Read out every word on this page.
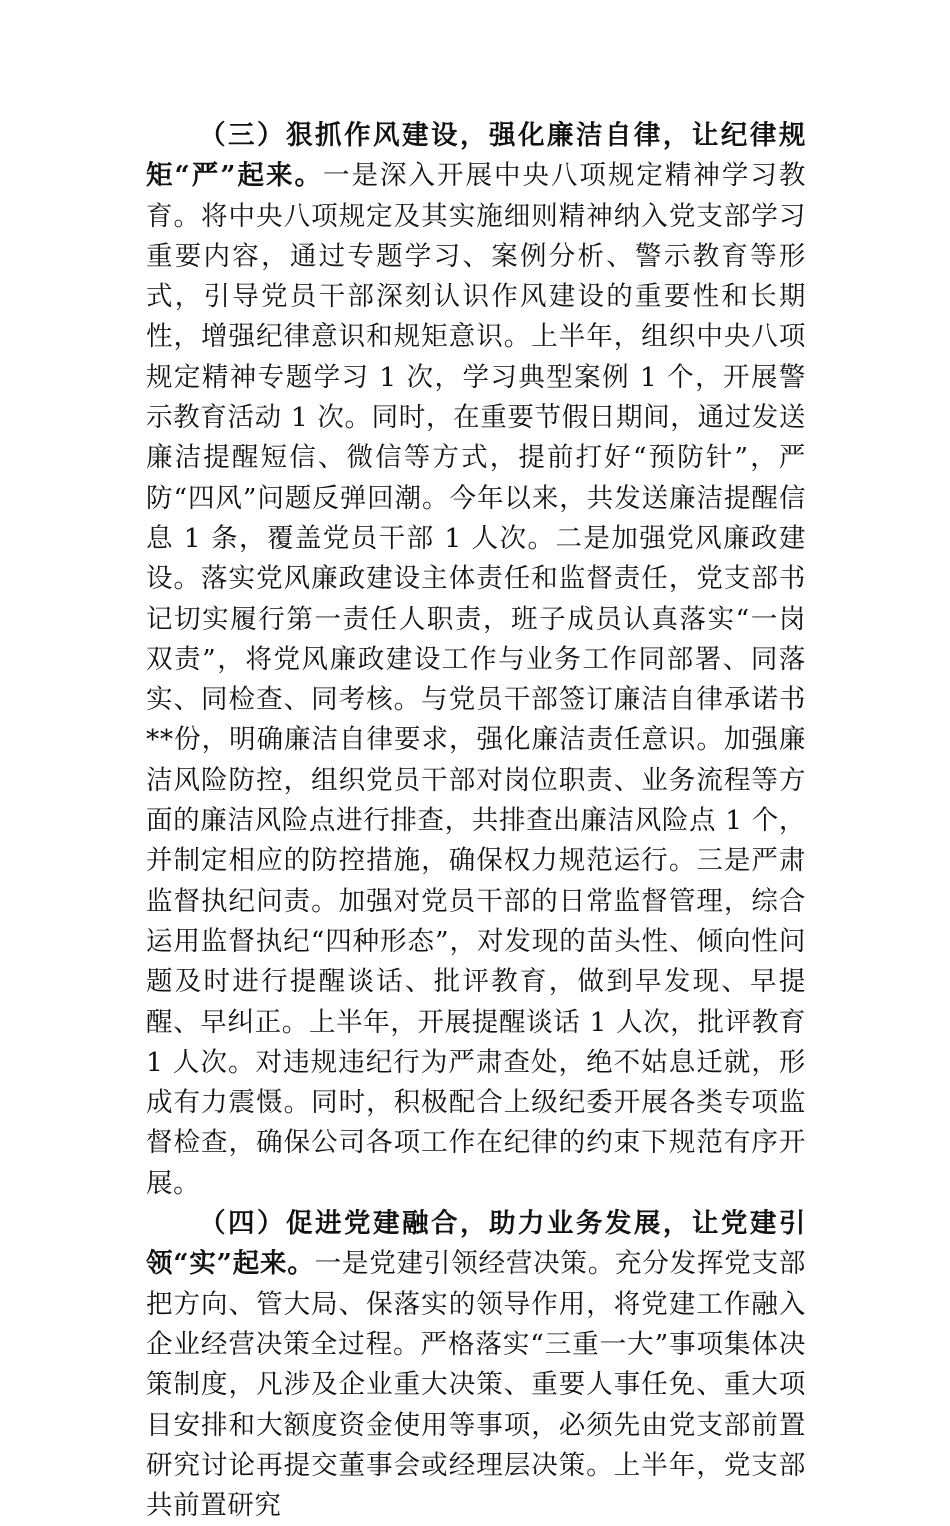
（三）狠抓作风建设，强化廉洁自律，让纪律规矩“严”起来。一是深入开展中央八项规定精神学习教育。将中央八项规定及其实施细则精神纳入党支部学习重要内容，通过专题学习、案例分析、警示教育等形式，引导党员干部深刻认识作风建设的重要性和长期性，增强纪律意识和规矩意识。上半年，组织中央八项规定精神专题学习 1 次，学习典型案例 1 个，开展警示教育活动 1 次。同时，在重要节假日期间，通过发送廉洁提醒短信、微信等方式，提前打好“预防针”，严防“四风”问题反弹回潮。今年以来，共发送廉洁提醒信息 1 条，覆盖党员干部 1 人次。二是加强党风廉政建设。落实党风廉政建设主体责任和监督责任，党支部书记切实履行第一责任人职责，班子成员认真落实“一岗双责”，将党风廉政建设工作与业务工作同部署、同落实、同检查、同考核。与党员干部签订廉洁自律承诺书**份，明确廉洁自律要求，强化廉洁责任意识。加强廉洁风险防控，组织党员干部对岗位职责、业务流程等方面的廉洁风险点进行排查，共排查出廉洁风险点 1 个，并制定相应的防控措施，确保权力规范运行。三是严肃监督执纪问责。加强对党员干部的日常监督管理，综合运用监督执纪“四种形态”，对发现的苗头性、倾向性问题及时进行提醒谈话、批评教育，做到早发现、早提醒、早纠正。上半年，开展提醒谈话 1 人次，批评教育 1 人次。对违规违纪行为严肃查处，绝不姑息迁就，形成有力震慑。同时，积极配合上级纪委开展各类专项监督检查，确保公司各项工作在纪律的约束下规范有序开展。

（四）促进党建融合，助力业务发展，让党建引领“实”起来。一是党建引领经营决策。充分发挥党支部把方向、管大局、保落实的领导作用，将党建工作融入企业经营决策全过程。严格落实“三重一大”事项集体决策制度，凡涉及企业重大决策、重要人事任免、重大项目安排和大额度资金使用等事项，必须先由党支部前置研究讨论再提交董事会或经理层决策。上半年，党支部共前置研究
